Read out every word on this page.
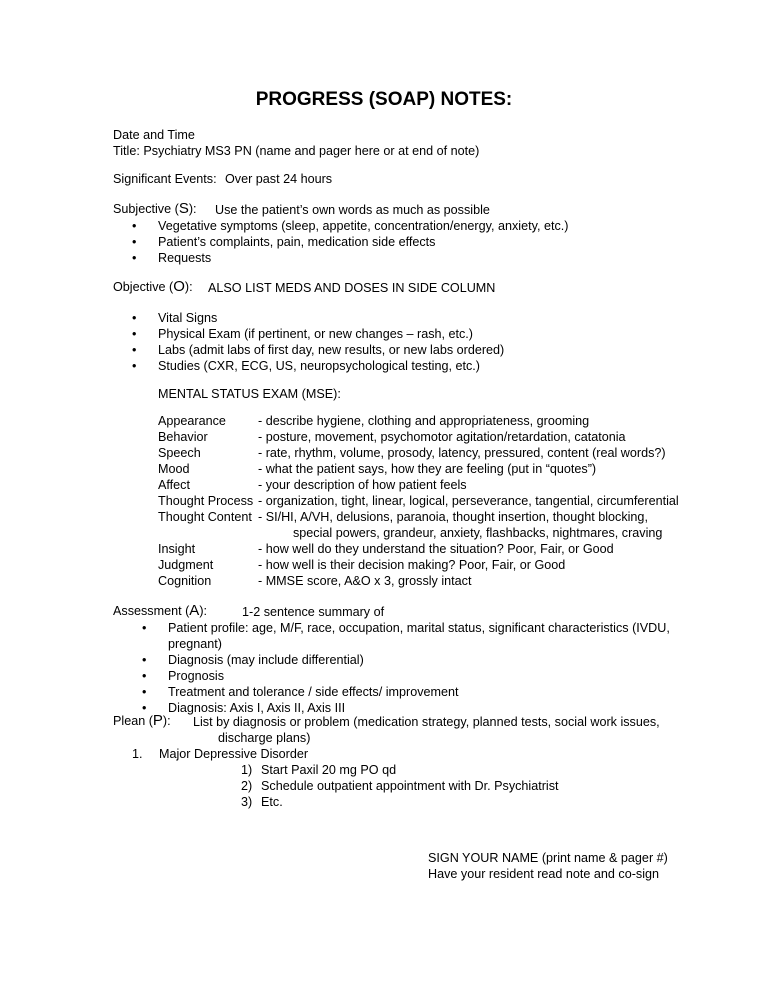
PROGRESS (SOAP) NOTES:
Date and Time
Title: Psychiatry MS3 PN (name and pager here or at end of note)
Significant Events: Over past 24 hours
Subjective (S): Use the patient’s own words as much as possible
• Vegetative symptoms (sleep, appetite, concentration/energy, anxiety, etc.)
• Patient’s complaints, pain, medication side effects
• Requests
Objective (O): ALSO LIST MEDS AND DOSES IN SIDE COLUMN
• Vital Signs
• Physical Exam (if pertinent, or new changes – rash, etc.)
• Labs (admit labs of first day, new results, or new labs ordered)
• Studies (CXR, ECG, US, neuropsychological testing, etc.)
MENTAL STATUS EXAM (MSE):
Appearance	- describe hygiene, clothing and appropriateness, grooming
Behavior	- posture, movement, psychomotor agitation/retardation, catatonia
Speech	- rate, rhythm, volume, prosody, latency, pressured, content (real words?)
Mood	- what the patient says, how they are feeling (put in “quotes”)
Affect	- your description of how patient feels
Thought Process - organization, tight, linear, logical, perseverance, tangential, circumferential
Thought Content - SI/HI, A/VH, delusions, paranoia, thought insertion, thought blocking,
special powers, grandeur, anxiety, flashbacks, nightmares, craving
Insight	- how well do they understand the situation? Poor, Fair, or Good
Judgment	- how well is their decision making? Poor, Fair, or Good
Cognition	- MMSE score, A&O x 3, grossly intact
Assessment (A):	1-2 sentence summary of
• Patient profile: age, M/F, race, occupation, marital status, significant characteristics (IVDU,
pregnant)
• Diagnosis (may include differential)
• Prognosis
• Treatment and tolerance / side effects/ improvement
• Diagnosis: Axis I, Axis II, Axis III
Plean (P): List by diagnosis or problem (medication strategy, planned tests, social work issues,
discharge plans)
1. Major Depressive Disorder
1) Start Paxil 20 mg PO qd
2) Schedule outpatient appointment with Dr. Psychiatrist
3) Etc.
SIGN YOUR NAME (print name & pager #)
Have your resident read note and co-sign
